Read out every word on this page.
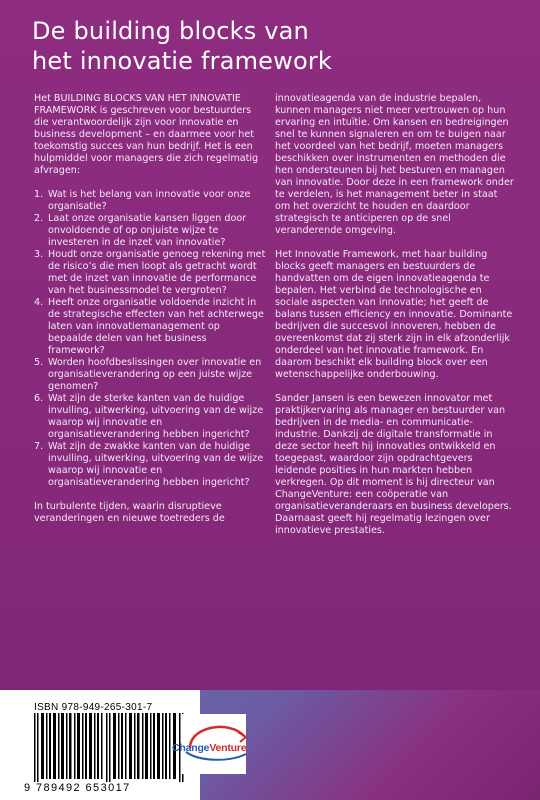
De building blocks van
het innovatie framework

Het BUILDING BLOCKS VAN HET INNOVATIE FRAMEWORK is geschreven voor bestuurders die verantwoordelijk zijn voor innovatie en business development – en daarmee voor het toekomstig succes van hun bedrijf. Het is een hulpmiddel voor managers die zich regelmatig afvragen:

1. Wat is het belang van innovatie voor onze organisatie?
2. Laat onze organisatie kansen liggen door onvoldoende of op onjuiste wijze te investeren in de inzet van innovatie?
3. Houdt onze organisatie genoeg rekening met de risico’s die men loopt als getracht wordt met de inzet van innovatie de performance van het businessmodel te vergroten?
4. Heeft onze organisatie voldoende inzicht in de strategische effecten van het achterwege laten van innovatiemanagement op bepaalde delen van het business framework?
5. Worden hoofdbeslissingen over innovatie en organisatieverandering op een juiste wijze genomen?
6. Wat zijn de sterke kanten van de huidige invulling, uitwerking, uitvoering van de wijze waarop wij innovatie en organisatieverandering hebben ingericht?
7. Wat zijn de zwakke kanten van de huidige invulling, uitwerking, uitvoering van de wijze waarop wij innovatie en organisatieverandering hebben ingericht?

In turbulente tijden, waarin disruptieve veranderingen en nieuwe toetreders de

innovatieagenda van de industrie bepalen, kunnen managers niet meer vertrouwen op hun ervaring en intuïtie. Om kansen en bedreigingen snel te kunnen signaleren en om te buigen naar het voordeel van het bedrijf, moeten managers beschikken over instrumenten en methoden die hen ondersteunen bij het besturen en managen van innovatie. Door deze in een framework onder te verdelen, is het management beter in staat om het overzicht te houden en daardoor strategisch te anticiperen op de snel veranderende omgeving.

Het Innovatie Framework, met haar building blocks geeft managers en bestuurders de handvatten om de eigen innovatieagenda te bepalen. Het verbind de technologische en sociale aspecten van innovatie; het geeft de balans tussen efficiency en innovatie. Dominante bedrijven die succesvol innoveren, hebben de overeenkomst dat zij sterk zijn in elk afzonderlijk onderdeel van het innovatie framework. En daarom beschikt elk building block over een wetenschappelijke onderbouwing.

Sander Jansen is een bewezen innovator met praktijkervaring als manager en bestuurder van bedrijven in de media- en communicatie-industrie. Dankzij de digitale transformatie in deze sector heeft hij innovaties ontwikkeld en toegepast, waardoor zijn opdrachtgevers leidende posities in hun markten hebben verkregen. Op dit moment is hij directeur van ChangeVenture: een coöperatie van organisatieveranderaars en business developers. Daarnaast geeft hij regelmatig lezingen over innovatieve prestaties.

ISBN 978-949-265-301-7
9 789492 653017
ChangeVenture
